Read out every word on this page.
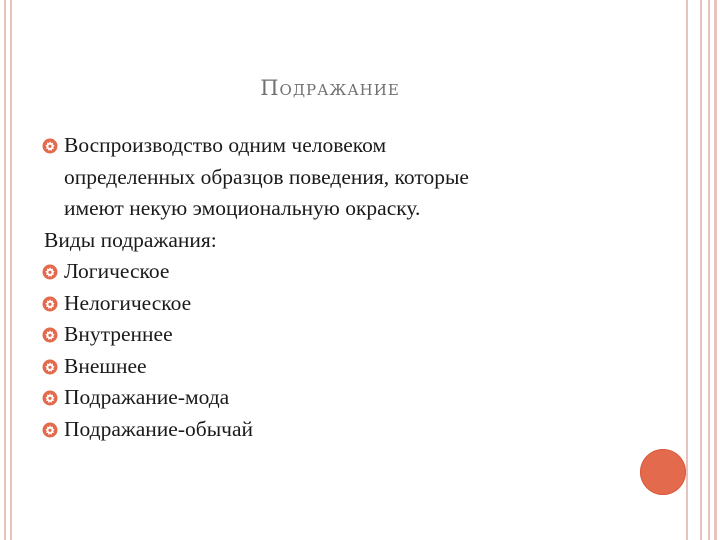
Подражание
Воспроизводство одним человеком
определенных образцов поведения, которые
имеют некую эмоциональную окраску.
Виды подражания:
Логическое
Нелогическое
Внутреннее
Внешнее
Подражание-мода
Подражание-обычай
